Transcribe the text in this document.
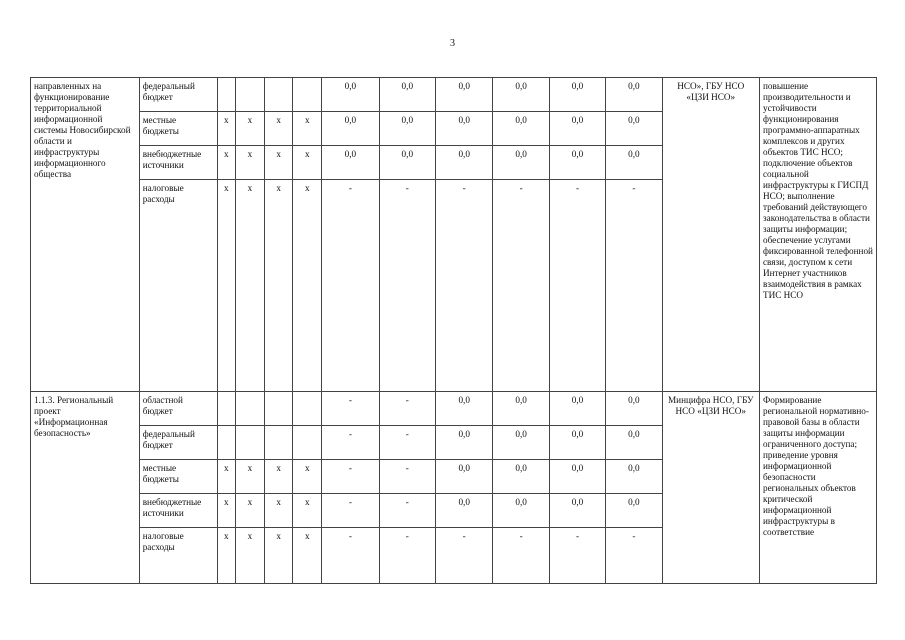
3
направленных на функционирование территориальной информационной системы Новосибирской области и инфраструктуры информационного общества	федеральный бюджет					0,0	0,0	0,0	0,0	0,0	0,0	НСО», ГБУ НСО «ЦЗИ НСО»	повышение производительности и устойчивости функционирования программно-аппаратных комплексов и других объектов ТИС НСО; подключение объектов социальной инфраструктуры к ГИСПД НСО; выполнение требований действующего законодательства в области защиты информации; обеспечение услугами фиксированной телефонной связи, доступом к сети Интернет участников взаимодействия в рамках ТИС НСО
	местные бюджеты	x	x	x	x	0,0	0,0	0,0	0,0	0,0	0,0		
	внебюджетные источники	x	x	x	x	0,0	0,0	0,0	0,0	0,0	0,0		
	налоговые расходы	x	x	x	x	-	-	-	-	-	-		
1.1.3. Региональный проект «Информационная безопасность»	областной бюджет					-	-	0,0	0,0	0,0	0,0	Минцифра НСО, ГБУ НСО «ЦЗИ НСО»	Формирование региональной нормативно-правовой базы в области защиты информации ограниченного доступа; приведение уровня информационной безопасности региональных объектов критической информационной инфраструктуры в соответствие
	федеральный бюджет					-	-	0,0	0,0	0,0	0,0		
	местные бюджеты	x	x	x	x	-	-	0,0	0,0	0,0	0,0		
	внебюджетные источники	x	x	x	x	-	-	0,0	0,0	0,0	0,0		
	налоговые расходы	x	x	x	x	-	-	-	-	-	-		
